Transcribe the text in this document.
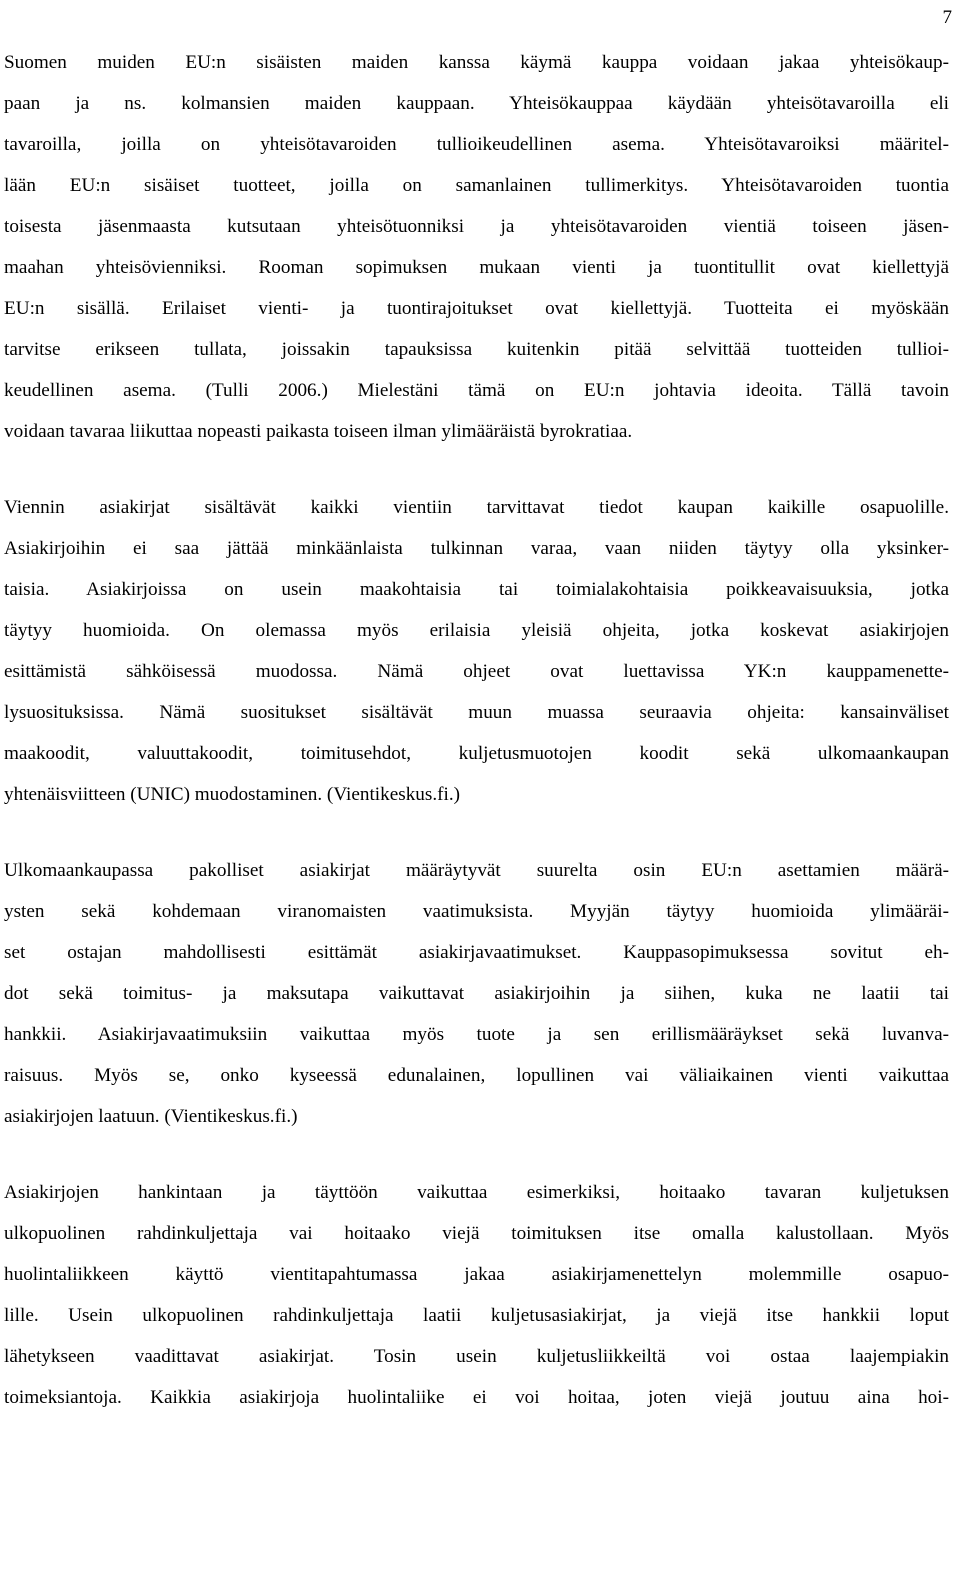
7
Suomen muiden EU:n sisäisten maiden kanssa käymä kauppa voidaan jakaa yhteisökaup-
paan ja ns. kolmansien maiden kauppaan. Yhteisökauppaa käydään yhteisötavaroilla eli
tavaroilla, joilla on yhteisötavaroiden tullioikeudellinen asema. Yhteisötavaroiksi määritel-
lään EU:n sisäiset tuotteet, joilla on samanlainen tullimerkitys. Yhteisötavaroiden tuontia
toisesta jäsenmaasta kutsutaan yhteisötuonniksi ja yhteisötavaroiden vientiä toiseen jäsen-
maahan yhteisövienniksi. Rooman sopimuksen mukaan vienti ja tuontitullit ovat kiellettyjä
EU:n sisällä. Erilaiset vienti- ja tuontirajoitukset ovat kiellettyjä. Tuotteita ei myöskään
tarvitse erikseen tullata, joissakin tapauksissa kuitenkin pitää selvittää tuotteiden tullioi-
keudellinen asema. (Tulli 2006.) Mielestäni tämä on EU:n johtavia ideoita. Tällä tavoin
voidaan tavaraa liikuttaa nopeasti paikasta toiseen ilman ylimääräistä byrokratiaa.
Viennin asiakirjat sisältävät kaikki vientiin tarvittavat tiedot kaupan kaikille osapuolille.
Asiakirjoihin ei saa jättää minkäänlaista tulkinnan varaa, vaan niiden täytyy olla yksinker-
taisia. Asiakirjoissa on usein maakohtaisia tai toimialakohtaisia poikkeavaisuuksia, jotka
täytyy huomioida. On olemassa myös erilaisia yleisiä ohjeita, jotka koskevat asiakirjojen
esittämistä sähköisessä muodossa. Nämä ohjeet ovat luettavissa YK:n kauppamenette-
lysuosituksissa. Nämä suositukset sisältävät muun muassa seuraavia ohjeita: kansainväliset
maakoodit, valuuttakoodit, toimitusehdot, kuljetusmuotojen koodit sekä ulkomaankaupan
yhtenäisviitteen (UNIC) muodostaminen. (Vientikeskus.fi.)
Ulkomaankaupassa pakolliset asiakirjat määräytyvät suurelta osin EU:n asettamien määrä-
ysten sekä kohdemaan viranomaisten vaatimuksista. Myyjän täytyy huomioida ylimääräi-
set ostajan mahdollisesti esittämät asiakirjavaatimukset. Kauppasopimuksessa sovitut eh-
dot sekä toimitus- ja maksutapa vaikuttavat asiakirjoihin ja siihen, kuka ne laatii tai
hankkii. Asiakirjavaatimuksiin vaikuttaa myös tuote ja sen erillismääräykset sekä luvanva-
raisuus. Myös se, onko kyseessä edunalainen, lopullinen vai väliaikainen vienti vaikuttaa
asiakirjojen laatuun. (Vientikeskus.fi.)
Asiakirjojen hankintaan ja täyttöön vaikuttaa esimerkiksi, hoitaako tavaran kuljetuksen
ulkopuolinen rahdinkuljettaja vai hoitaako viejä toimituksen itse omalla kalustollaan. Myös
huolintaliikkeen käyttö vientitapahtumassa jakaa asiakirjamenettelyn molemmille osapuo-
lille. Usein ulkopuolinen rahdinkuljettaja laatii kuljetusasiakirjat, ja viejä itse hankkii loput
lähetykseen vaadittavat asiakirjat. Tosin usein kuljetusliikkeiltä voi ostaa laajempiakin
toimeksiantoja. Kaikkia asiakirjoja huolintaliike ei voi hoitaa, joten viejä joutuu aina hoi-
